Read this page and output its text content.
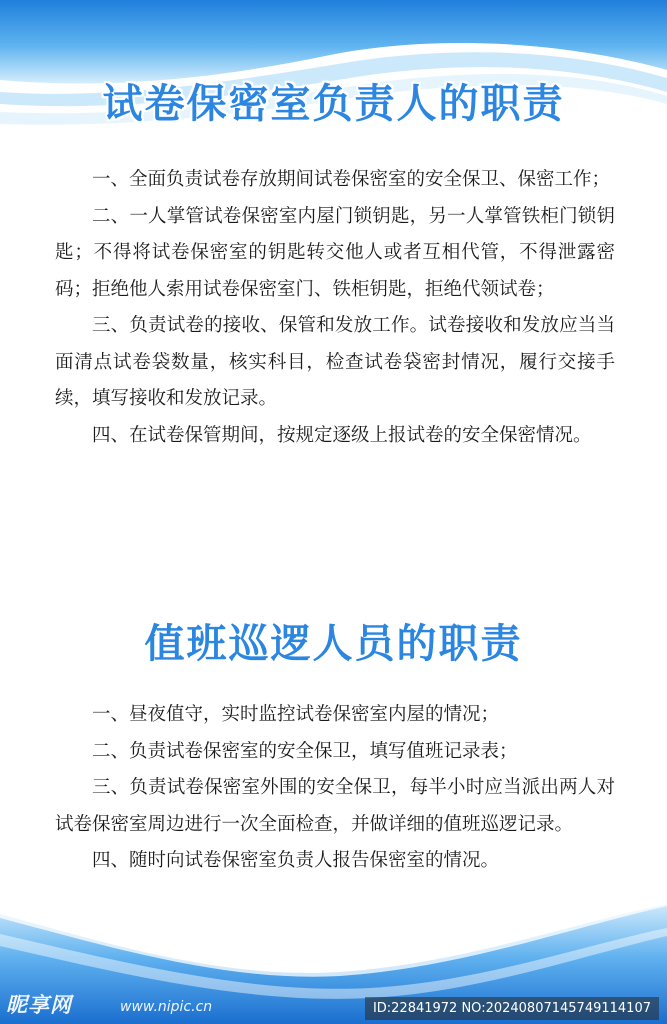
试卷保密室负责人的职责

一、全面负责试卷存放期间试卷保密室的安全保卫、保密工作；

二、一人掌管试卷保密室内屋门锁钥匙，另一人掌管铁柜门锁钥匙；不得将试卷保密室的钥匙转交他人或者互相代管，不得泄露密码；拒绝他人索用试卷保密室门、铁柜钥匙，拒绝代领试卷；

三、负责试卷的接收、保管和发放工作。试卷接收和发放应当当面清点试卷袋数量，核实科目，检查试卷袋密封情况，履行交接手续，填写接收和发放记录。

四、在试卷保管期间，按规定逐级上报试卷的安全保密情况。

值班巡逻人员的职责

一、昼夜值守，实时监控试卷保密室内屋的情况；

二、负责试卷保密室的安全保卫，填写值班记录表；

三、负责试卷保密室外围的安全保卫，每半小时应当派出两人对试卷保密室周边进行一次全面检查，并做详细的值班巡逻记录。

四、随时向试卷保密室负责人报告保密室的情况。

昵享网	www.nipic.cn	ID:22841972 NO:20240807145749114107
